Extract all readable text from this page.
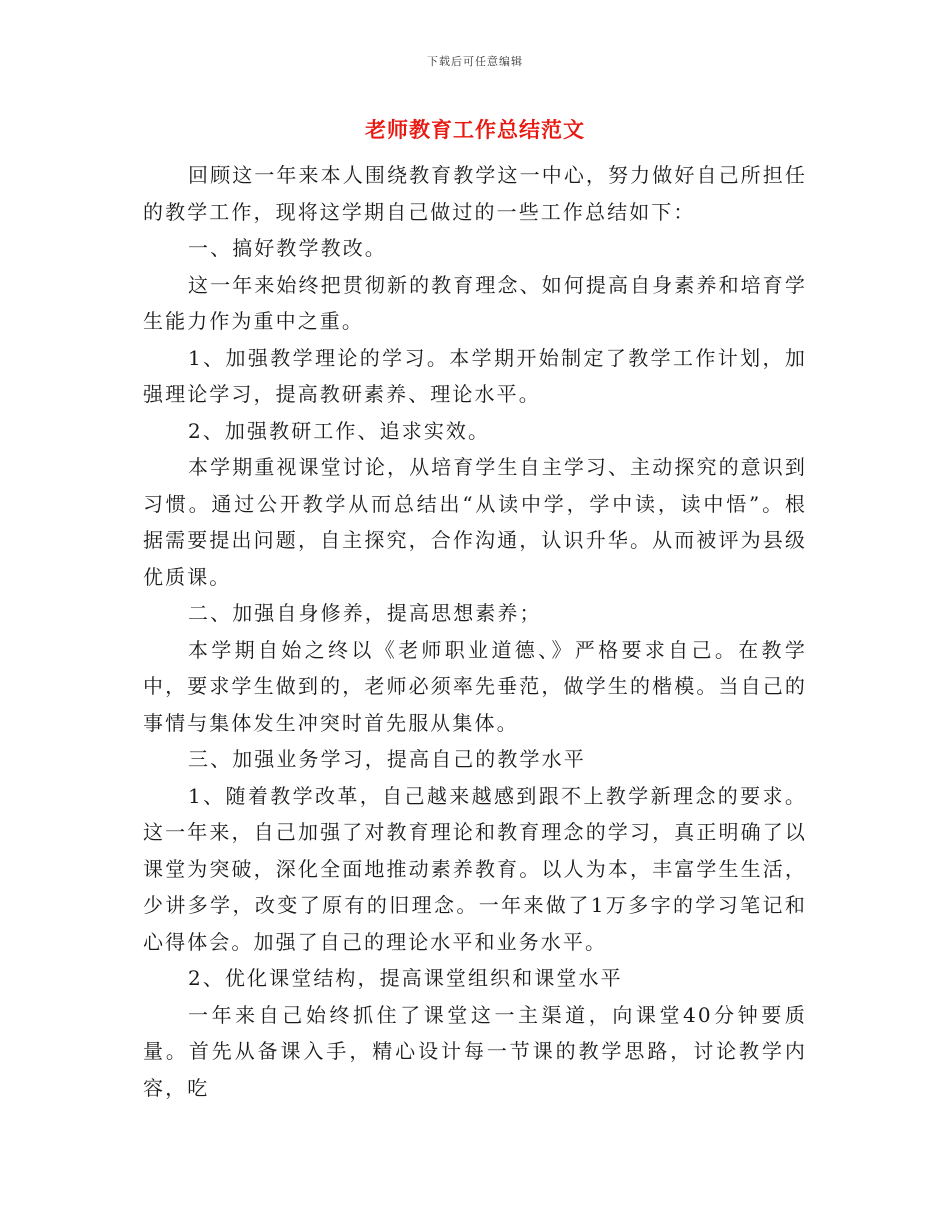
下载后可任意编辑
老师教育工作总结范文

回顾这一年来本人围绕教育教学这一中心，努力做好自己所担任的教学工作，现将这学期自己做过的一些工作总结如下：

一、搞好教学教改。

这一年来始终把贯彻新的教育理念、如何提高自身素养和培育学生能力作为重中之重。

1、加强教学理论的学习。本学期开始制定了教学工作计划，加强理论学习，提高教研素养、理论水平。

2、加强教研工作、追求实效。

本学期重视课堂讨论，从培育学生自主学习、主动探究的意识到习惯。通过公开教学从而总结出“从读中学，学中读，读中悟”。根据需要提出问题，自主探究，合作沟通，认识升华。从而被评为县级优质课。

二、加强自身修养，提高思想素养；

本学期自始之终以《老师职业道德、》严格要求自己。在教学中，要求学生做到的，老师必须率先垂范，做学生的楷模。当自己的事情与集体发生冲突时首先服从集体。

三、加强业务学习，提高自己的教学水平

1、随着教学改革，自己越来越感到跟不上教学新理念的要求。这一年来，自己加强了对教育理论和教育理念的学习，真正明确了以课堂为突破，深化全面地推动素养教育。以人为本，丰富学生生活，少讲多学，改变了原有的旧理念。一年来做了1万多字的学习笔记和心得体会。加强了自己的理论水平和业务水平。

2、优化课堂结构，提高课堂组织和课堂水平

一年来自己始终抓住了课堂这一主渠道，向课堂40分钟要质量。首先从备课入手，精心设计每一节课的教学思路，讨论教学内容，吃
